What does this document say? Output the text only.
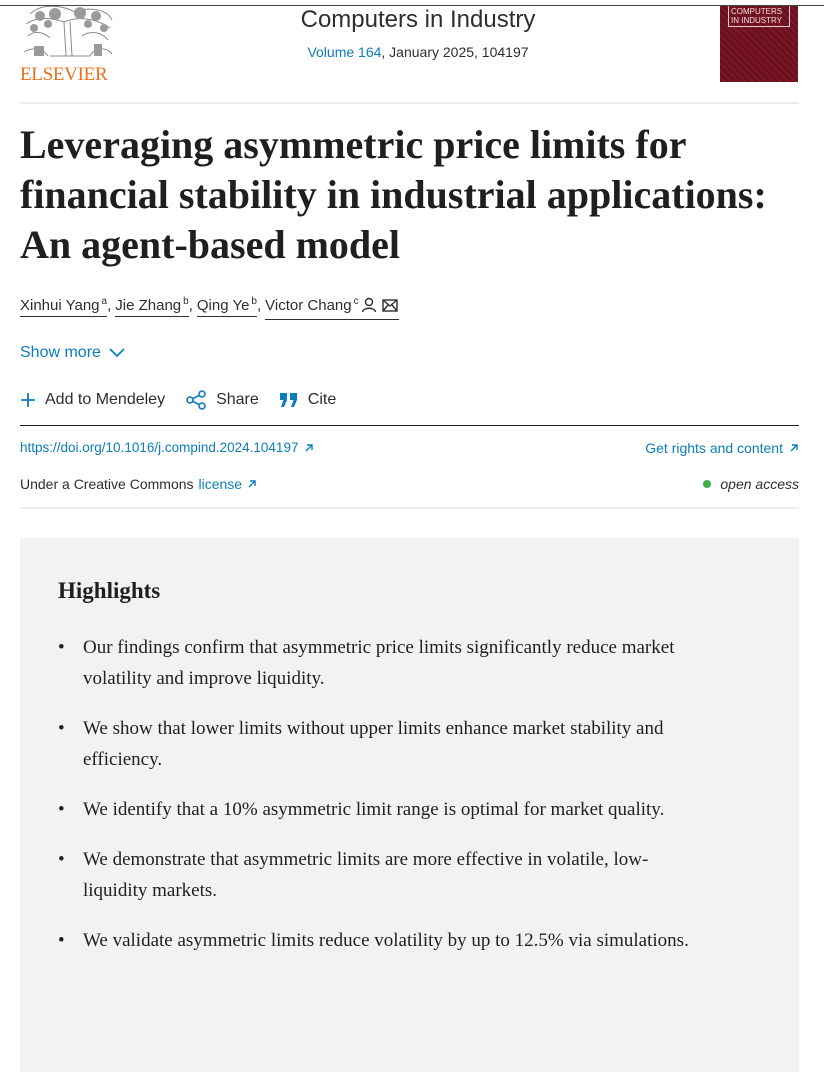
ELSEVIER
Computers in Industry
Volume 164, January 2025, 104197
COMPUTERS IN INDUSTRY
Leveraging asymmetric price limits for financial stability in industrial applications: An agent-based model
Xinhui Yang $^a$, Jie Zhang $^b$, Qing Ye $^b$, Victor Chang $^c$
Show more
Add to Mendeley	Share	Cite
https://doi.org/10.1016/j.compind.2024.104197	Get rights and content
Under a Creative Commons license	open access
Highlights
• Our findings confirm that asymmetric price limits significantly reduce market volatility and improve liquidity.
• We show that lower limits without upper limits enhance market stability and efficiency.
• We identify that a 10% asymmetric limit range is optimal for market quality.
• We demonstrate that asymmetric limits are more effective in volatile, low-liquidity markets.
• We validate asymmetric limits reduce volatility by up to 12.5% via simulations.
